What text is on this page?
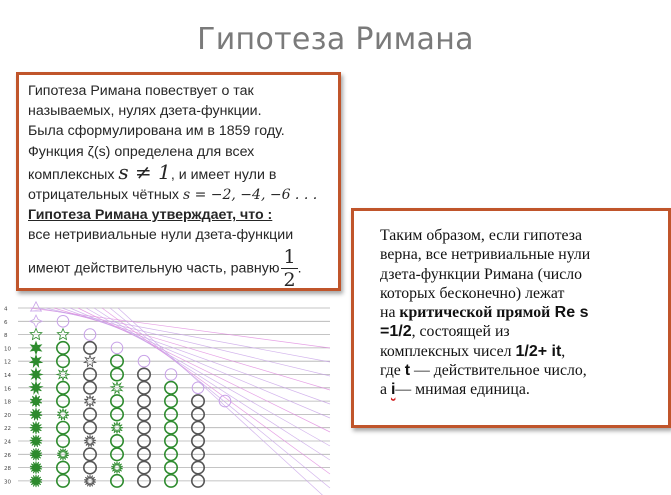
Гипотеза Римана
Гипотеза Римана повествует о так
называемых, нулях дзета-функции.
Была сформулирована им в 1859 году.
Функция ζ(s) определена для всех
комплексных s ≠ 1, и имеет нули в
отрицательных чётных s = −2, −4, −6 . . .
Гипотеза Римана утверждает, что :
все нетривиальные нули дзета-функции
имеют действительную часть, равную $\frac{1}{2}$ .
Таким образом, если гипотеза
верна, все нетривиальные нули
дзета-функции Римана (число
которых бесконечно) лежат
на критической прямой Re s
=1/2, состоящей из
комплексных чисел 1/2+ it,
где t — действительное число,
а i— мнимая единица.
4
6
8
10
12
14
16
18
20
22
24
26
28
30
